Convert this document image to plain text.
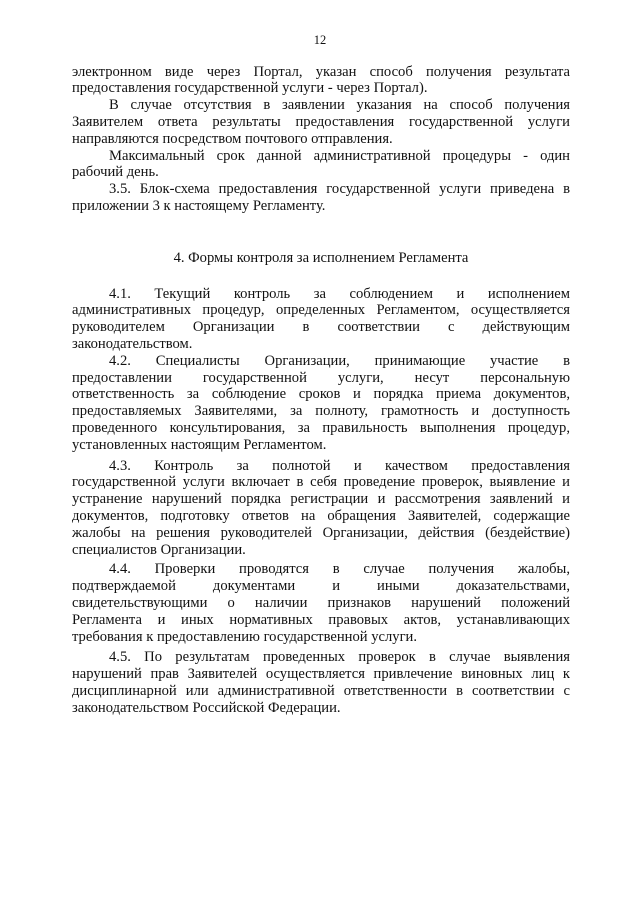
12
электронном виде через Портал, указан способ получения результата
предоставления государственной услуги - через Портал).
В случае отсутствия в заявлении указания на способ получения
Заявителем ответа результаты предоставления государственной услуги
направляются посредством почтового отправления.
Максимальный срок данной административной процедуры - один
рабочий день.
3.5. Блок-схема предоставления государственной услуги приведена в
приложении 3 к настоящему Регламенту.
4. Формы контроля за исполнением Регламента
4.1. Текущий контроль за соблюдением и исполнением
административных процедур, определенных Регламентом, осуществляется
руководителем Организации в соответствии с действующим
законодательством.
4.2. Специалисты Организации, принимающие участие в
предоставлении государственной услуги, несут персональную
ответственность за соблюдение сроков и порядка приема документов,
предоставляемых Заявителями, за полноту, грамотность и доступность
проведенного консультирования, за правильность выполнения процедур,
установленных настоящим Регламентом.
4.3. Контроль за полнотой и качеством предоставления
государственной услуги включает в себя проведение проверок, выявление и
устранение нарушений порядка регистрации и рассмотрения заявлений и
документов, подготовку ответов на обращения Заявителей, содержащие
жалобы на решения руководителей Организации, действия (бездействие)
специалистов Организации.
4.4. Проверки проводятся в случае получения жалобы,
подтверждаемой документами и иными доказательствами,
свидетельствующими о наличии признаков нарушений положений
Регламента и иных нормативных правовых актов, устанавливающих
требования к предоставлению государственной услуги.
4.5. По результатам проведенных проверок в случае выявления
нарушений прав Заявителей осуществляется привлечение виновных лиц к
дисциплинарной или административной ответственности в соответствии с
законодательством Российской Федерации.
